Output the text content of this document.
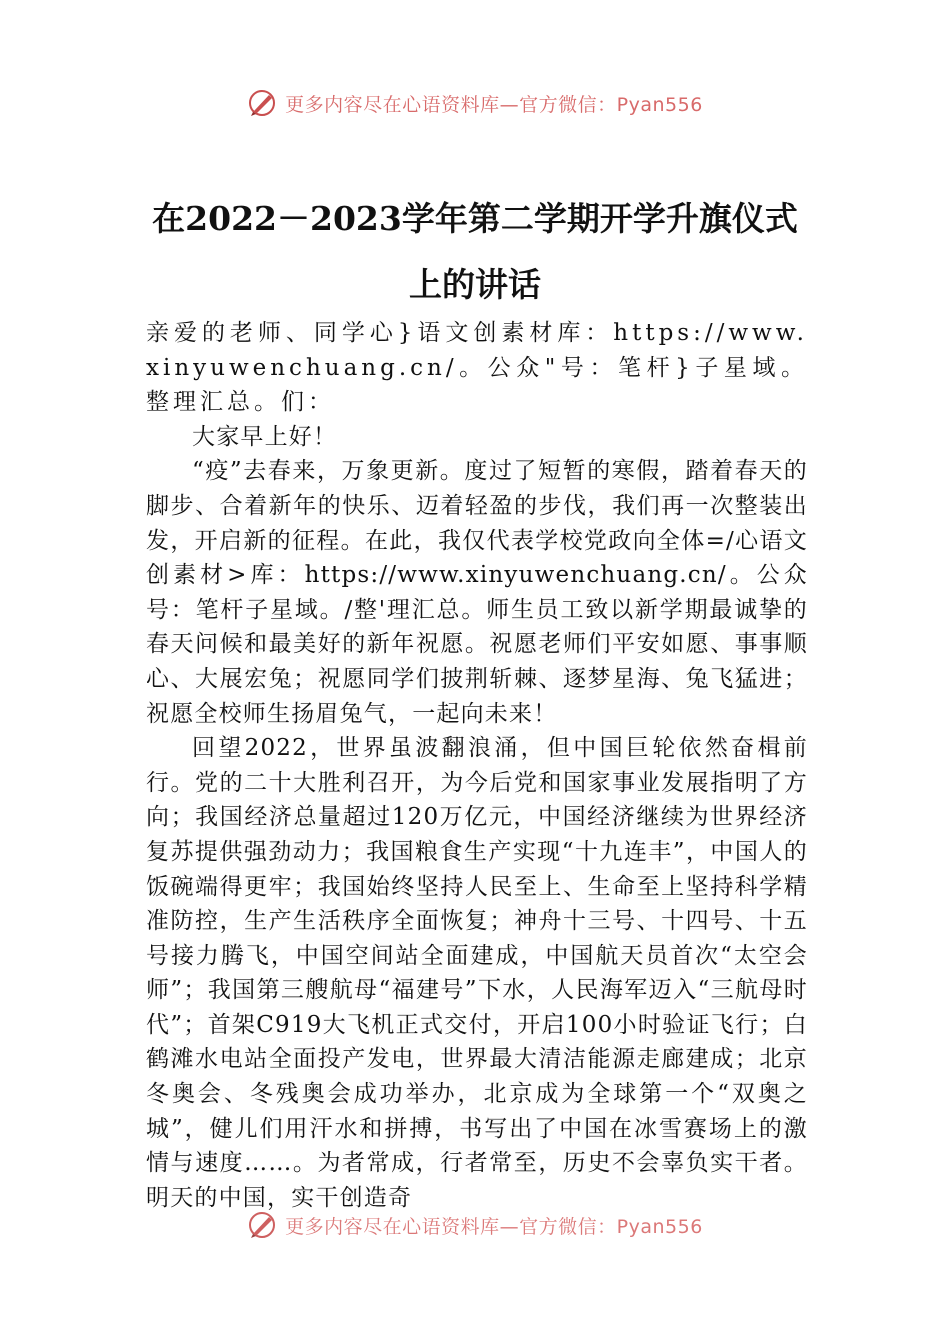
更多内容尽在心语资料库—官方微信：Pyan556
在2022－2023学年第二学期开学升旗仪式
上的讲话

亲爱的老师、同学心}语文创素材库：https://www.xinyuwenchuang.cn/。公众"号：笔杆}子星域。整理汇总。们：

大家早上好！

“疫”去春来，万象更新。度过了短暂的寒假，踏着春天的脚步、合着新年的快乐、迈着轻盈的步伐，我们再一次整装出发，开启新的征程。在此，我仅代表学校党政向全体=/心语文创素材>库：https://www.xinyuwenchuang.cn/。公众号：笔杆子星域。/整'理汇总。师生员工致以新学期最诚挚的春天问候和最美好的新年祝愿。祝愿老师们平安如愿、事事顺心、大展宏兔；祝愿同学们披荆斩棘、逐梦星海、兔飞猛进；祝愿全校师生扬眉兔气，一起向未来！

回望2022，世界虽波翻浪涌，但中国巨轮依然奋楫前行。党的二十大胜利召开，为今后党和国家事业发展指明了方向；我国经济总量超过120万亿元，中国经济继续为世界经济复苏提供强劲动力；我国粮食生产实现“十九连丰”，中国人的饭碗端得更牢；我国始终坚持人民至上、生命至上坚持科学精准防控，生产生活秩序全面恢复；神舟十三号、十四号、十五号接力腾飞，中国空间站全面建成，中国航天员首次“太空会师”；我国第三艘航母“福建号”下水，人民海军迈入“三航母时代”；首架C919大飞机正式交付，开启100小时验证飞行；白鹤滩水电站全面投产发电，世界最大清洁能源走廊建成；北京冬奥会、冬残奥会成功举办，北京成为全球第一个“双奥之城”，健儿们用汗水和拼搏，书写出了中国在冰雪赛场上的激情与速度……。为者常成，行者常至，历史不会辜负实干者。明天的中国，实干创造奇

更多内容尽在心语资料库—官方微信：Pyan556
